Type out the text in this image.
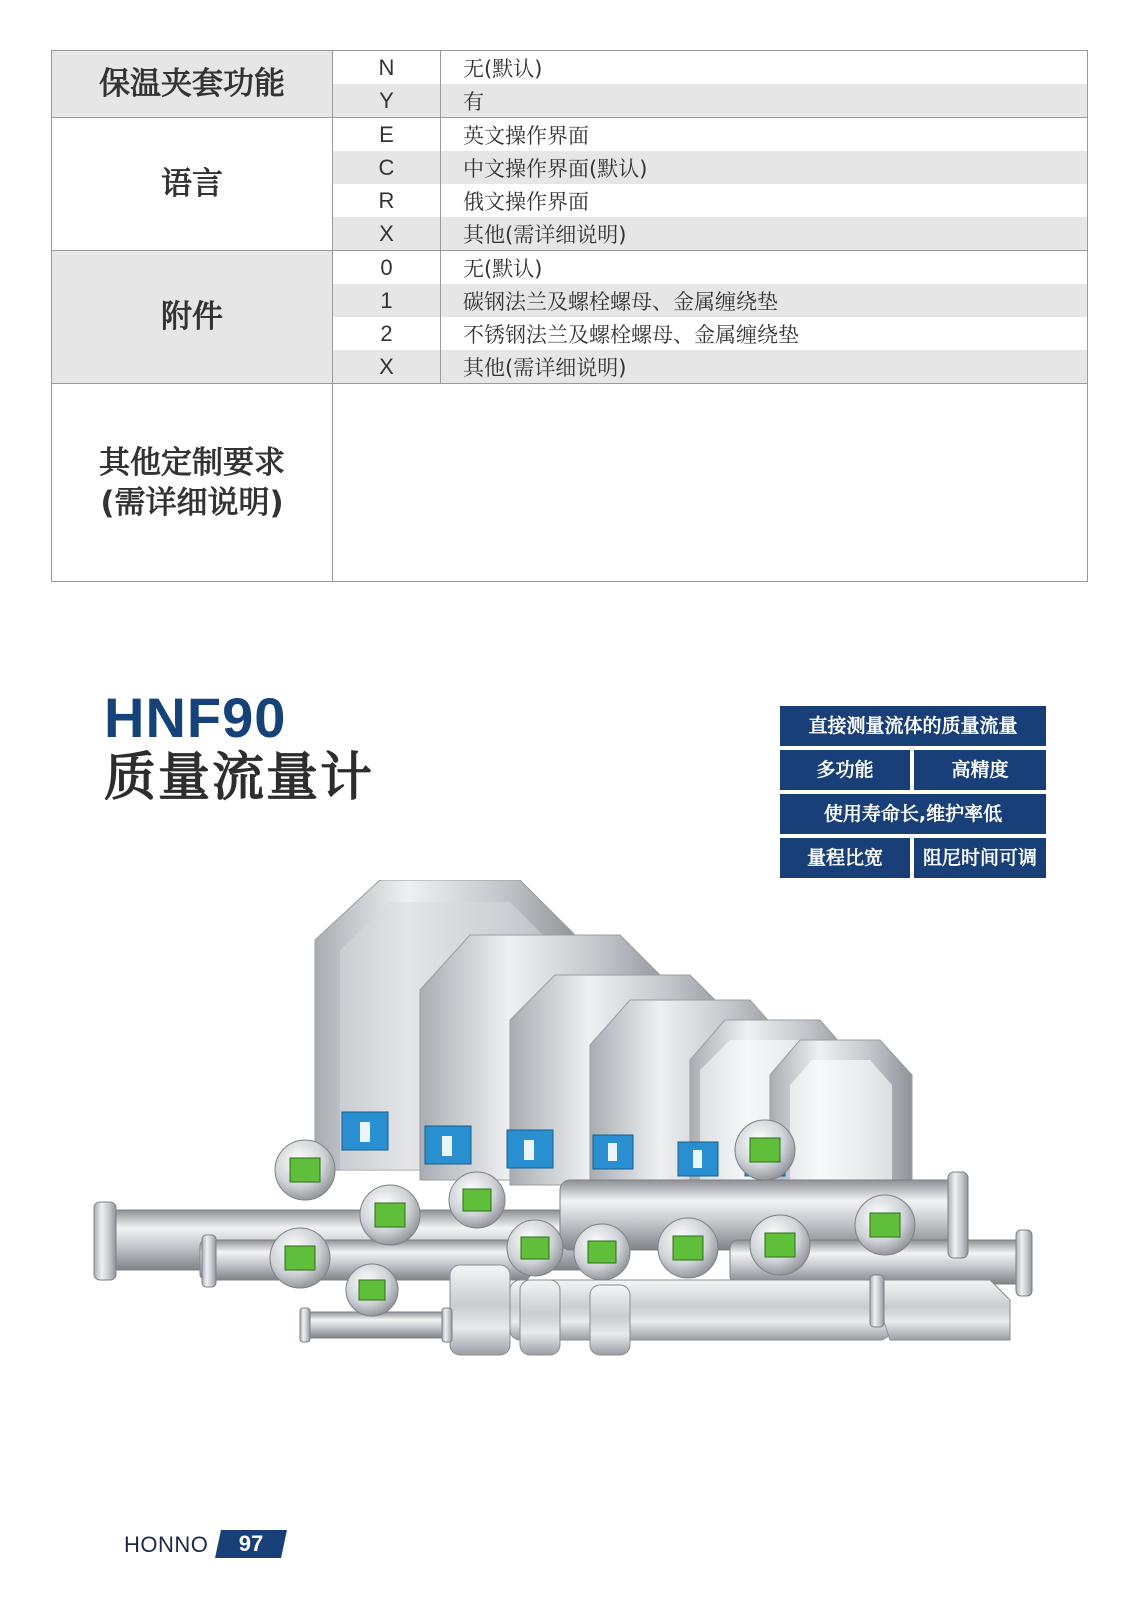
保温夹套功能	N	无(默认)
	Y	有
语言	E	英文操作界面
	C	中文操作界面(默认)
	R	俄文操作界面
	X	其他(需详细说明)
附件	0	无(默认)
	1	碳钢法兰及螺栓螺母、金属缠绕垫
	2	不锈钢法兰及螺栓螺母、金属缠绕垫
	X	其他(需详细说明)

其他定制要求
(需详细说明)		

HNF90
质量流量计
直接测量流体的质量流量
多功能	高精度
使用寿命长,维护率低
量程比宽	阻尼时间可调
HONNO	97
